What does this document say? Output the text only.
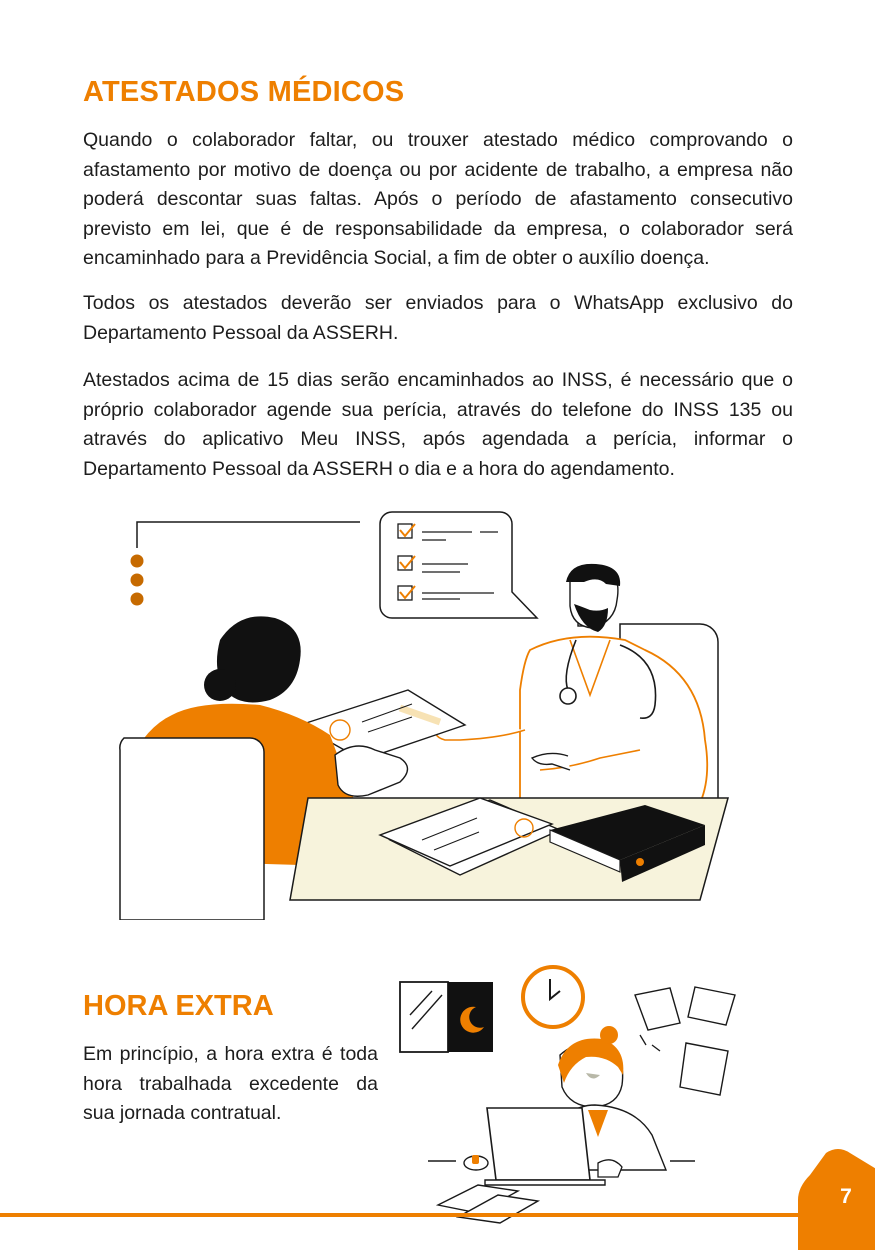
ATESTADOS MÉDICOS

Quando o colaborador faltar, ou trouxer atestado médico comprovando o afastamento por motivo de doença ou por acidente de trabalho, a empresa não poderá descontar suas faltas. Após o período de afastamento consecutivo previsto em lei, que é de responsabilidade da empresa, o colaborador será encaminhado para a Previdência Social, a fim de obter o auxílio doença.

Todos os atestados deverão ser enviados para o WhatsApp exclusivo do Departamento Pessoal da ASSERH.

Atestados acima de 15 dias serão encaminhados ao INSS, é necessário que o próprio colaborador agende sua perícia, através do telefone do INSS 135 ou através do aplicativo Meu INSS, após agendada a perícia, informar o Departamento Pessoal da ASSERH o dia e a hora do agendamento.

HORA EXTRA

Em princípio, a hora extra é toda hora trabalhada excedente da sua jornada contratual.

7
